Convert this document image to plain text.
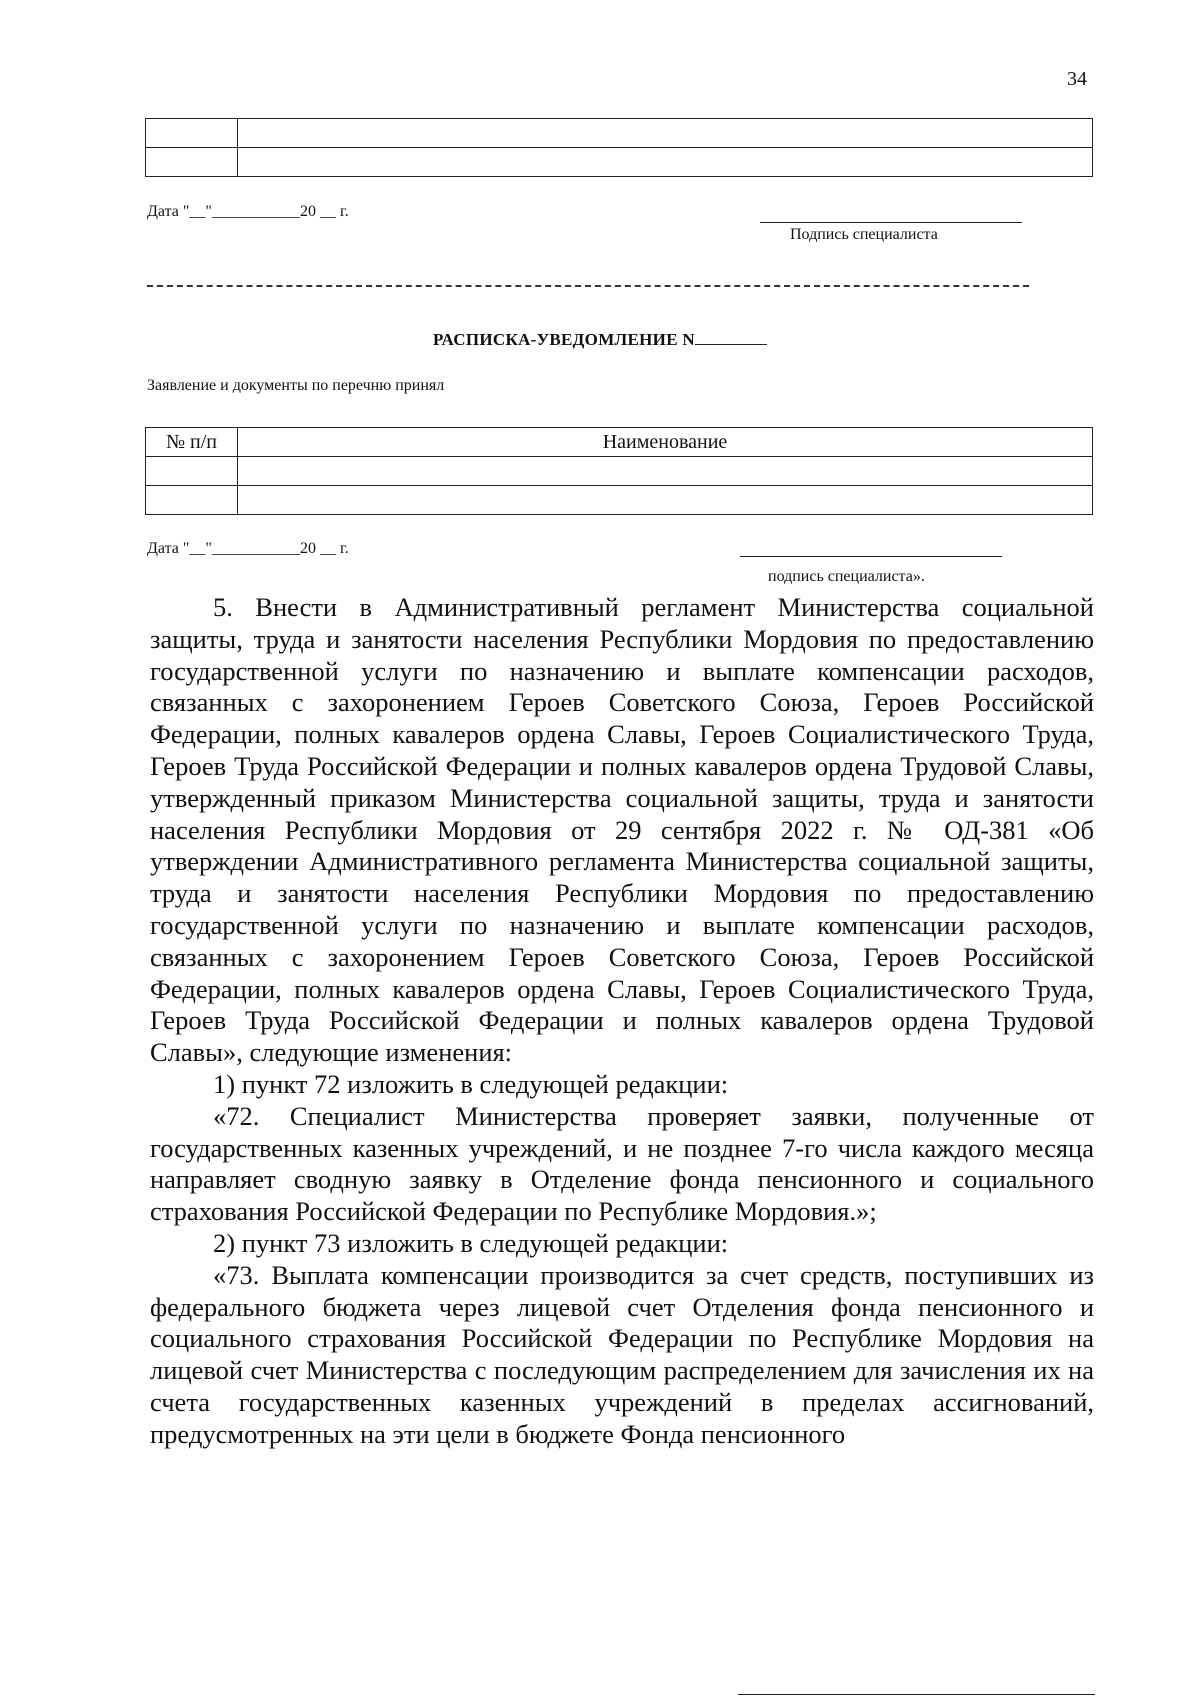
34

Дата "__"___________20 __ г.
Подпись специалиста
РАСПИСКА-УВЕДОМЛЕНИЕ N
Заявление и документы по перечню принял
№ п/п	Наименование

Дата "__"___________20 __ г.
подпись специалиста».

5. Внести в Административный регламент Министерства социальной защиты, труда и занятости населения Республики Мордовия по предоставлению государственной услуги по назначению и выплате компенсации расходов, связанных с захоронением Героев Советского Союза, Героев Российской Федерации, полных кавалеров ордена Славы, Героев Социалистического Труда, Героев Труда Российской Федерации и полных кавалеров ордена Трудовой Славы, утвержденный приказом Министерства социальной защиты, труда и занятости населения Республики Мордовия от 29 сентября 2022 г. № ОД-381 «Об утверждении Административного регламента Министерства социальной защиты, труда и занятости населения Республики Мордовия по предоставлению государственной услуги по назначению и выплате компенсации расходов, связанных с захоронением Героев Советского Союза, Героев Российской Федерации, полных кавалеров ордена Славы, Героев Социалистического Труда, Героев Труда Российской Федерации и полных кавалеров ордена Трудовой Славы», следующие изменения:

1) пункт 72 изложить в следующей редакции:

«72. Специалист Министерства проверяет заявки, полученные от государственных казенных учреждений, и не позднее 7-го числа каждого месяца направляет сводную заявку в Отделение фонда пенсионного и социального страхования Российской Федерации по Республике Мордовия.»;

2) пункт 73 изложить в следующей редакции:

«73. Выплата компенсации производится за счет средств, поступивших из федерального бюджета через лицевой счет Отделения фонда пенсионного и социального страхования Российской Федерации по Республике Мордовия на лицевой счет Министерства с последующим распределением для зачисления их на счета государственных казенных учреждений в пределах ассигнований, предусмотренных на эти цели в бюджете Фонда пенсионного
